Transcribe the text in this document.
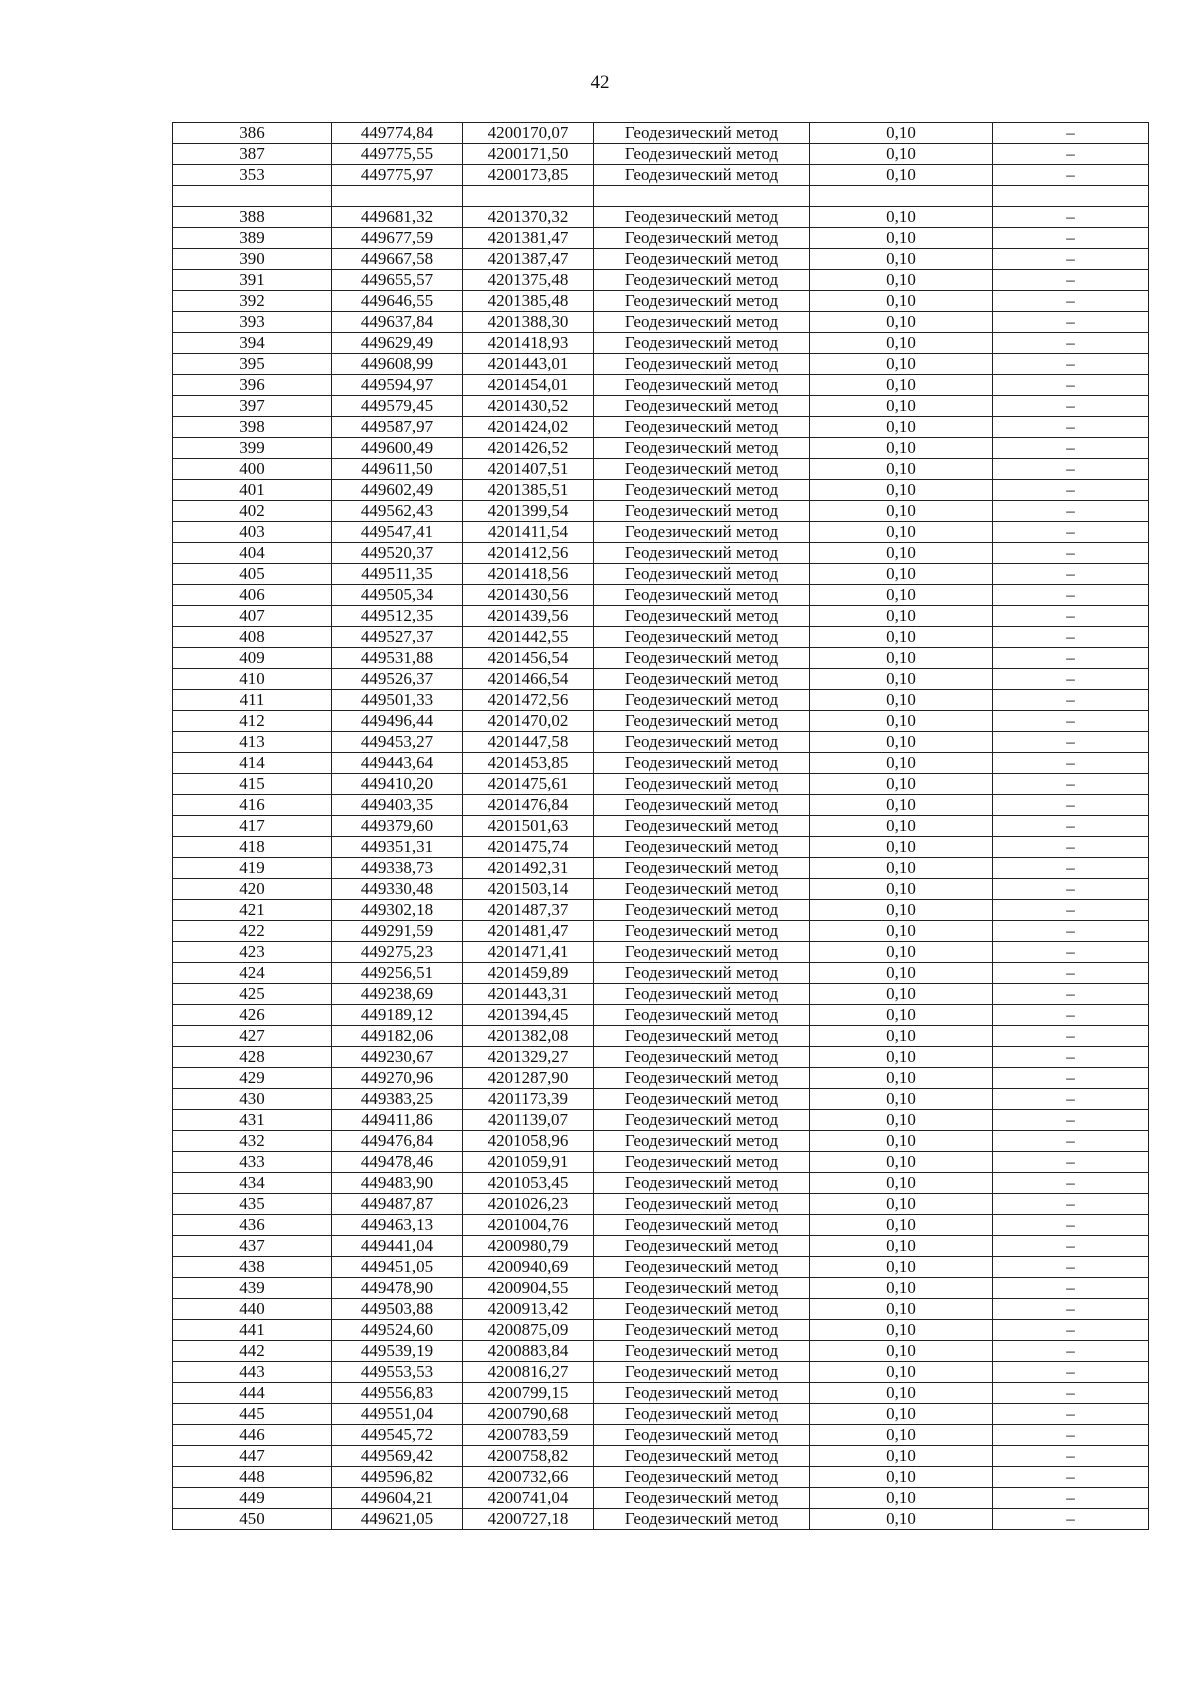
42
386	449774,84	4200170,07	Геодезический метод	0,10	–
387	449775,55	4200171,50	Геодезический метод	0,10	–
353	449775,97	4200173,85	Геодезический метод	0,10	–

388	449681,32	4201370,32	Геодезический метод	0,10	–
389	449677,59	4201381,47	Геодезический метод	0,10	–
390	449667,58	4201387,47	Геодезический метод	0,10	–
391	449655,57	4201375,48	Геодезический метод	0,10	–
392	449646,55	4201385,48	Геодезический метод	0,10	–
393	449637,84	4201388,30	Геодезический метод	0,10	–
394	449629,49	4201418,93	Геодезический метод	0,10	–
395	449608,99	4201443,01	Геодезический метод	0,10	–
396	449594,97	4201454,01	Геодезический метод	0,10	–
397	449579,45	4201430,52	Геодезический метод	0,10	–
398	449587,97	4201424,02	Геодезический метод	0,10	–
399	449600,49	4201426,52	Геодезический метод	0,10	–
400	449611,50	4201407,51	Геодезический метод	0,10	–
401	449602,49	4201385,51	Геодезический метод	0,10	–
402	449562,43	4201399,54	Геодезический метод	0,10	–
403	449547,41	4201411,54	Геодезический метод	0,10	–
404	449520,37	4201412,56	Геодезический метод	0,10	–
405	449511,35	4201418,56	Геодезический метод	0,10	–
406	449505,34	4201430,56	Геодезический метод	0,10	–
407	449512,35	4201439,56	Геодезический метод	0,10	–
408	449527,37	4201442,55	Геодезический метод	0,10	–
409	449531,88	4201456,54	Геодезический метод	0,10	–
410	449526,37	4201466,54	Геодезический метод	0,10	–
411	449501,33	4201472,56	Геодезический метод	0,10	–
412	449496,44	4201470,02	Геодезический метод	0,10	–
413	449453,27	4201447,58	Геодезический метод	0,10	–
414	449443,64	4201453,85	Геодезический метод	0,10	–
415	449410,20	4201475,61	Геодезический метод	0,10	–
416	449403,35	4201476,84	Геодезический метод	0,10	–
417	449379,60	4201501,63	Геодезический метод	0,10	–
418	449351,31	4201475,74	Геодезический метод	0,10	–
419	449338,73	4201492,31	Геодезический метод	0,10	–
420	449330,48	4201503,14	Геодезический метод	0,10	–
421	449302,18	4201487,37	Геодезический метод	0,10	–
422	449291,59	4201481,47	Геодезический метод	0,10	–
423	449275,23	4201471,41	Геодезический метод	0,10	–
424	449256,51	4201459,89	Геодезический метод	0,10	–
425	449238,69	4201443,31	Геодезический метод	0,10	–
426	449189,12	4201394,45	Геодезический метод	0,10	–
427	449182,06	4201382,08	Геодезический метод	0,10	–
428	449230,67	4201329,27	Геодезический метод	0,10	–
429	449270,96	4201287,90	Геодезический метод	0,10	–
430	449383,25	4201173,39	Геодезический метод	0,10	–
431	449411,86	4201139,07	Геодезический метод	0,10	–
432	449476,84	4201058,96	Геодезический метод	0,10	–
433	449478,46	4201059,91	Геодезический метод	0,10	–
434	449483,90	4201053,45	Геодезический метод	0,10	–
435	449487,87	4201026,23	Геодезический метод	0,10	–
436	449463,13	4201004,76	Геодезический метод	0,10	–
437	449441,04	4200980,79	Геодезический метод	0,10	–
438	449451,05	4200940,69	Геодезический метод	0,10	–
439	449478,90	4200904,55	Геодезический метод	0,10	–
440	449503,88	4200913,42	Геодезический метод	0,10	–
441	449524,60	4200875,09	Геодезический метод	0,10	–
442	449539,19	4200883,84	Геодезический метод	0,10	–
443	449553,53	4200816,27	Геодезический метод	0,10	–
444	449556,83	4200799,15	Геодезический метод	0,10	–
445	449551,04	4200790,68	Геодезический метод	0,10	–
446	449545,72	4200783,59	Геодезический метод	0,10	–
447	449569,42	4200758,82	Геодезический метод	0,10	–
448	449596,82	4200732,66	Геодезический метод	0,10	–
449	449604,21	4200741,04	Геодезический метод	0,10	–
450	449621,05	4200727,18	Геодезический метод	0,10	–
